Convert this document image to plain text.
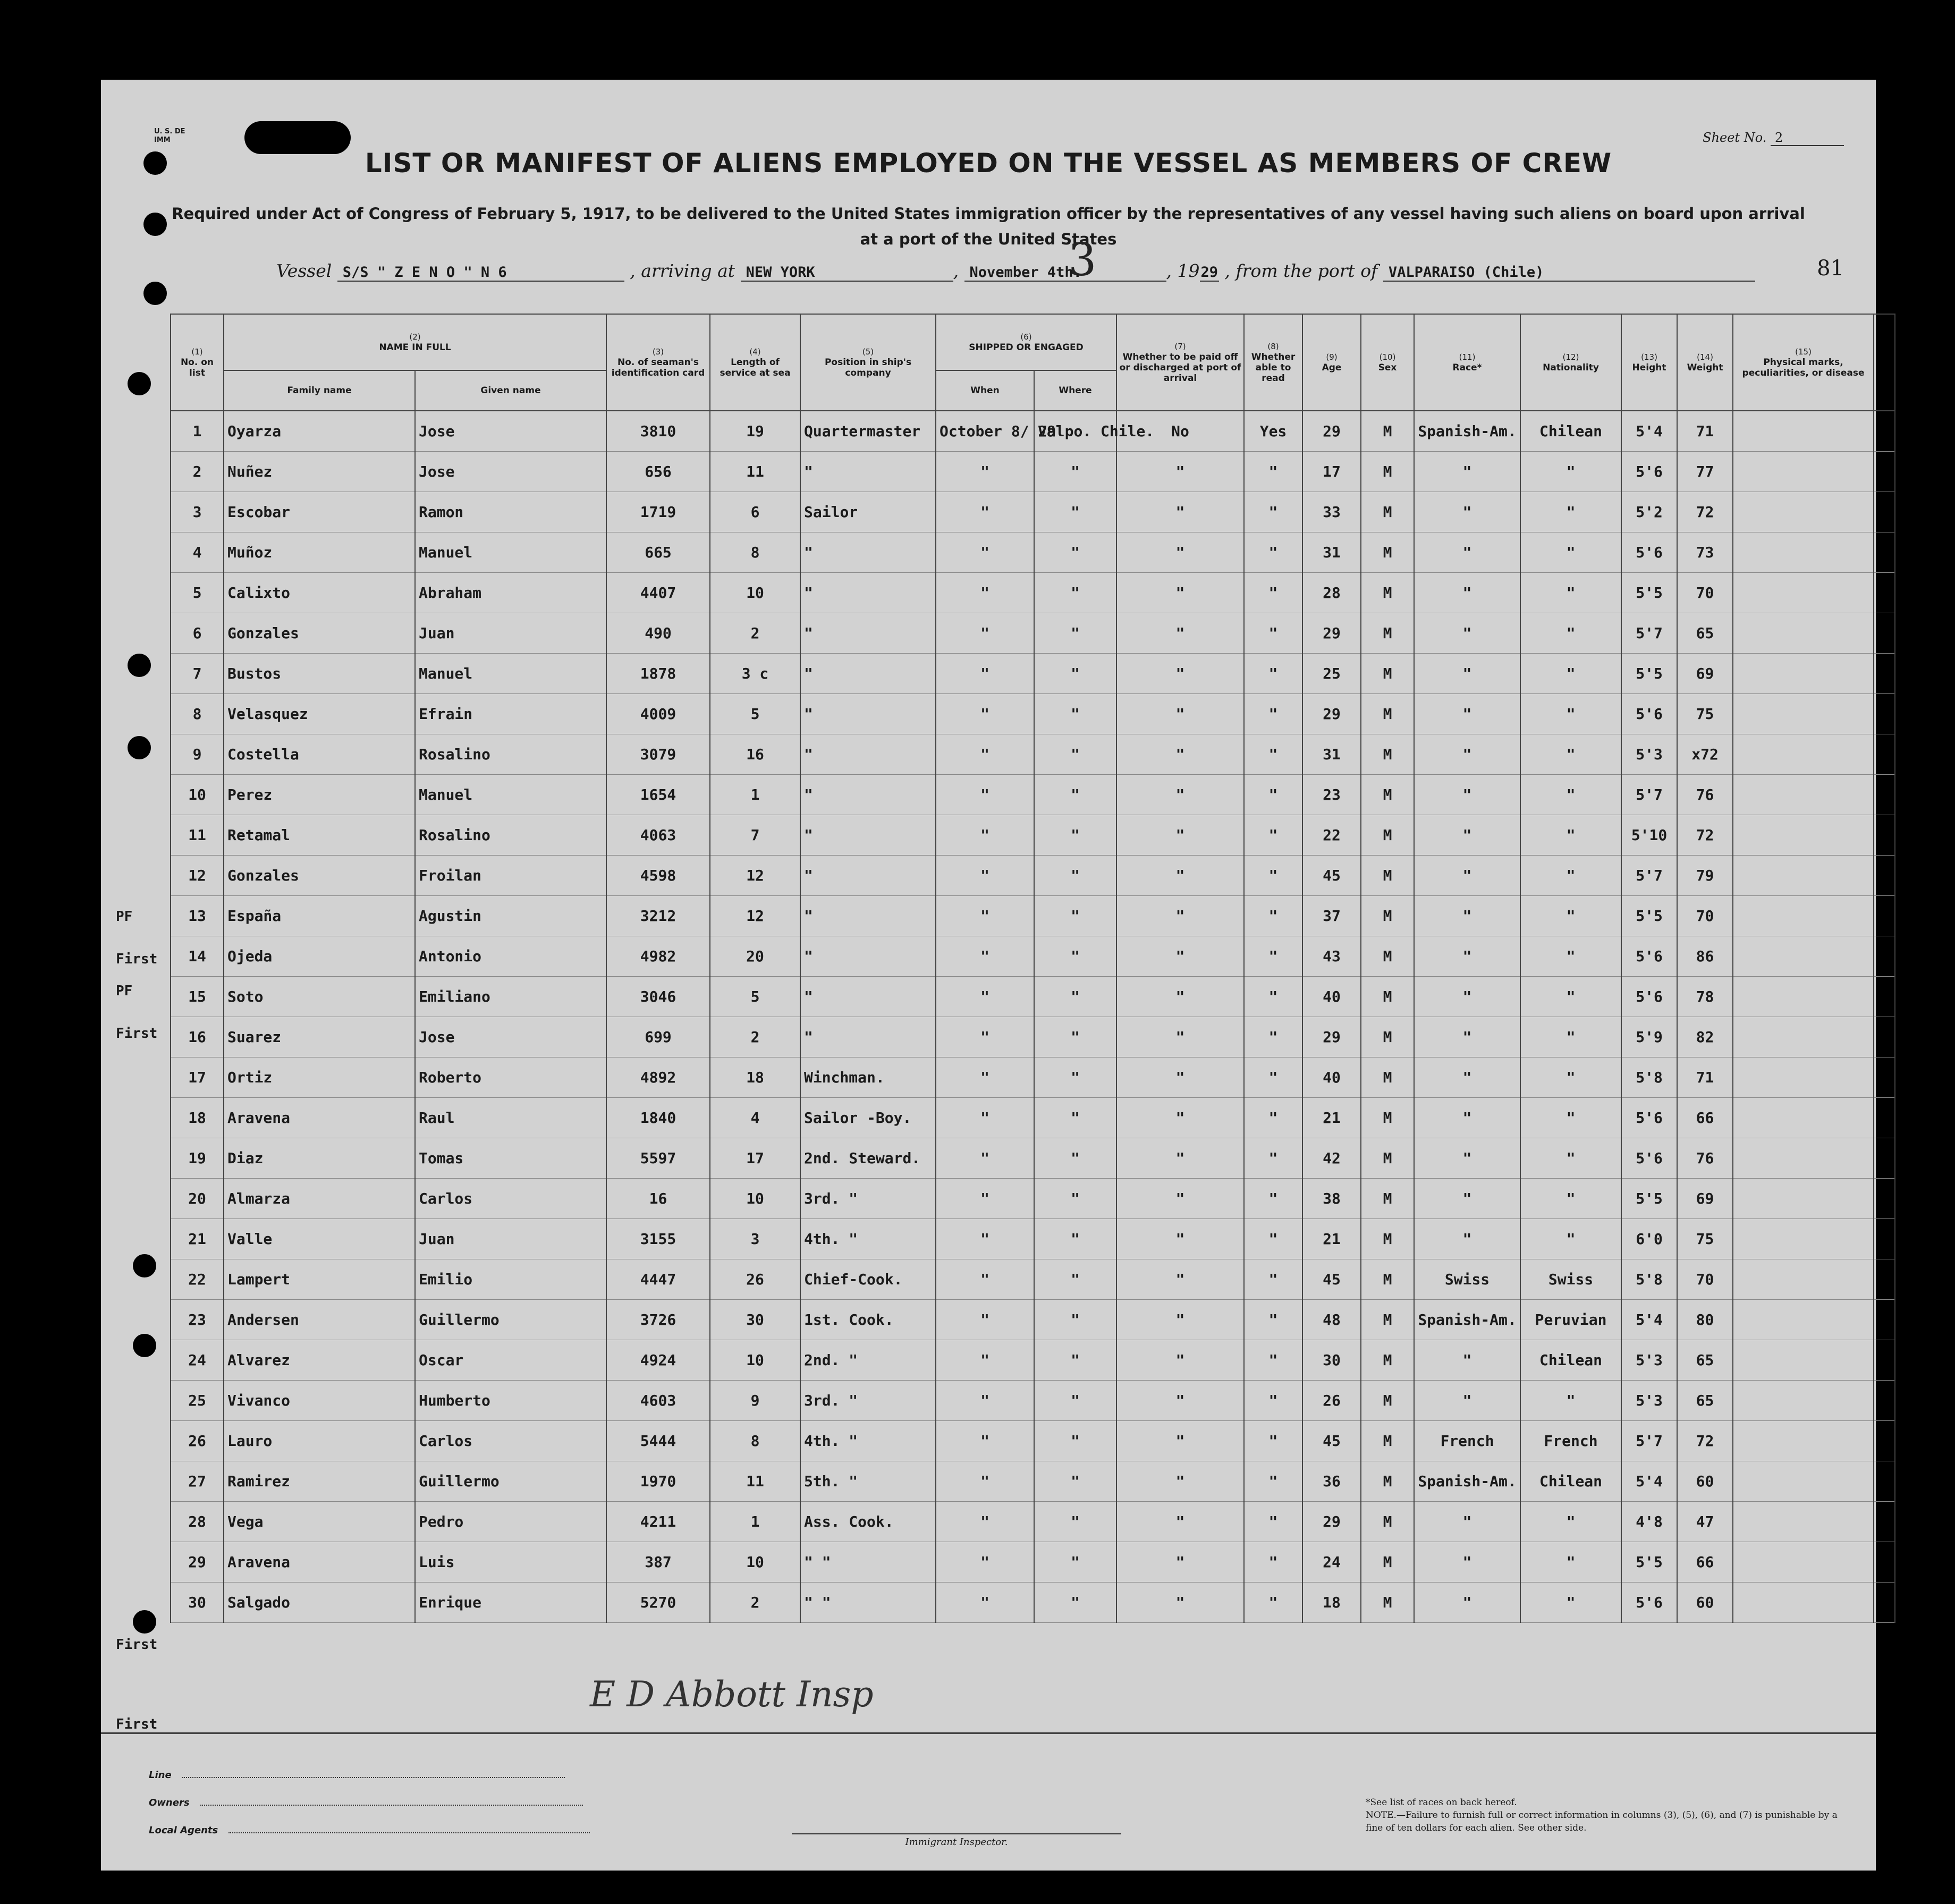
U. S. DE
IMM	Sheet No. 2
LIST OR MANIFEST OF ALIENS EMPLOYED ON THE VESSEL AS MEMBERS OF CREW
Required under Act of Congress of February 5, 1917, to be delivered to the United States immigration officer by the representatives of any vessel having such aliens on board upon arrival at a port of the United States
3
Vessel S/S " Z E N O " N 6	, arriving at NEW YORK	, November 4th.	, 1929 , from the port of VALPARAISO (Chile)	81
(1)
No. on list	(2)
NAME IN FULL		(3)
No. of seaman's identification card	(4)
Length of service at sea	(5)
Position in ship's company	(6)
SHIPPED OR ENGAGED		(7)
Whether to be paid off or discharged at port of arrival	(8)
Whether able to read	(9)
Age	(10)
Sex	(11)
Race*	(12)
Nationality	(13)
Height	(14)
Weight	(15)
Physical marks, peculiarities, or disease	
	Family name	Given name				When	Where										
1	Oyarza	Jose	3810	19	Quartermaster	October 8/ 29	Valpo. Chile.	No	Yes	29	M	Spanish-Am.	Chilean	5'4	71		
2	Nuñez	Jose	656	11	"	"	"	"	"	17	M	"	"	5'6	77		
3	Escobar	Ramon	1719	6	Sailor	"	"	"	"	33	M	"	"	5'2	72		
4	Muñoz	Manuel	665	8	"	"	"	"	"	31	M	"	"	5'6	73		
5	Calixto	Abraham	4407	10	"	"	"	"	"	28	M	"	"	5'5	70		
6	Gonzales	Juan	490	2	"	"	"	"	"	29	M	"	"	5'7	65		
7	Bustos	Manuel	1878	3 c	"	"	"	"	"	25	M	"	"	5'5	69		
8	Velasquez	Efrain	4009	5	"	"	"	"	"	29	M	"	"	5'6	75		
9	Costella	Rosalino	3079	16	"	"	"	"	"	31	M	"	"	5'3	x72		
10	Perez	Manuel	1654	1	"	"	"	"	"	23	M	"	"	5'7	76		
11	Retamal	Rosalino	4063	7	"	"	"	"	"	22	M	"	"	5'10	72		
12	Gonzales	Froilan	4598	12	"	"	"	"	"	45	M	"	"	5'7	79		
13	España	Agustin	3212	12	"	"	"	"	"	37	M	"	"	5'5	70		
14	Ojeda	Antonio	4982	20	"	"	"	"	"	43	M	"	"	5'6	86		
15	Soto	Emiliano	3046	5	"	"	"	"	"	40	M	"	"	5'6	78		
16	Suarez	Jose	699	2	"	"	"	"	"	29	M	"	"	5'9	82		
17	Ortiz	Roberto	4892	18	Winchman.	"	"	"	"	40	M	"	"	5'8	71		
18	Aravena	Raul	1840	4	Sailor -Boy.	"	"	"	"	21	M	"	"	5'6	66		
19	Diaz	Tomas	5597	17	2nd. Steward.	"	"	"	"	42	M	"	"	5'6	76		
20	Almarza	Carlos	16	10	3rd. "	"	"	"	"	38	M	"	"	5'5	69		
21	Valle	Juan	3155	3	4th. "	"	"	"	"	21	M	"	"	6'0	75		
22	Lampert	Emilio	4447	26	Chief-Cook.	"	"	"	"	45	M	Swiss	Swiss	5'8	70		
23	Andersen	Guillermo	3726	30	1st. Cook.	"	"	"	"	48	M	Spanish-Am.	Peruvian	5'4	80		
24	Alvarez	Oscar	4924	10	2nd. "	"	"	"	"	30	M	"	Chilean	5'3	65		
25	Vivanco	Humberto	4603	9	3rd. "	"	"	"	"	26	M	"	"	5'3	65		
26	Lauro	Carlos	5444	8	4th. "	"	"	"	"	45	M	French	French	5'7	72		
27	Ramirez	Guillermo	1970	11	5th. "	"	"	"	"	36	M	Spanish-Am.	Chilean	5'4	60		
28	Vega	Pedro	4211	1	Ass. Cook.	"	"	"	"	29	M	"	"	4'8	47		
29	Aravena	Luis	387	10	" "	"	"	"	"	24	M	"	"	5'5	66		
30	Salgado	Enrique	5270	2	" "	"	"	"	"	18	M	"	"	5'6	60		
PF
First
PF
First
First
First
E D Abbott Insp
Line
Owners
Local Agents
Immigrant Inspector.
*See list of races on back hereof.
NOTE.—Failure to furnish full or correct information in columns (3), (5), (6), and (7) is punishable by a fine of ten dollars for each alien. See other side.
